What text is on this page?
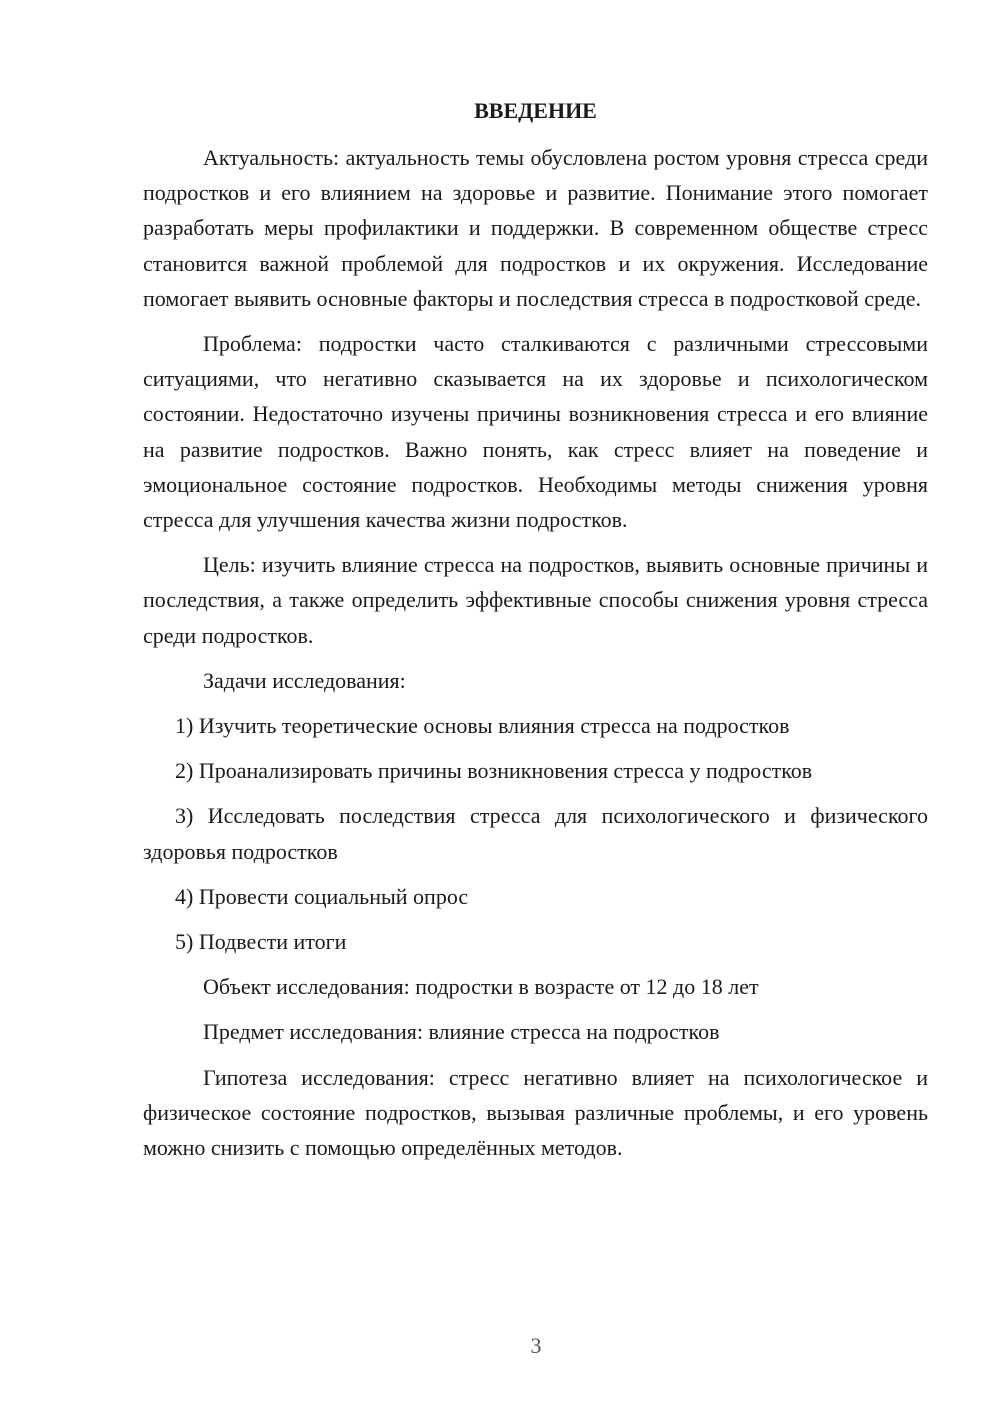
ВВЕДЕНИЕ

Актуальность: актуальность темы обусловлена ростом уровня стресса среди подростков и его влиянием на здоровье и развитие. Понимание этого помогает разработать меры профилактики и поддержки. В современном обществе стресс становится важной проблемой для подростков и их окружения. Исследование помогает выявить основные факторы и последствия стресса в подростковой среде.

Проблема: подростки часто сталкиваются с различными стрессовыми ситуациями, что негативно сказывается на их здоровье и психологическом состоянии. Недостаточно изучены причины возникновения стресса и его влияние на развитие подростков. Важно понять, как стресс влияет на поведение и эмоциональное состояние подростков. Необходимы методы снижения уровня стресса для улучшения качества жизни подростков.

Цель: изучить влияние стресса на подростков, выявить основные причины и последствия, а также определить эффективные способы снижения уровня стресса среди подростков.

Задачи исследования:

1) Изучить теоретические основы влияния стресса на подростков

2) Проанализировать причины возникновения стресса у подростков

3) Исследовать последствия стресса для психологического и физического здоровья подростков

4) Провести социальный опрос

5) Подвести итоги

Объект исследования: подростки в возрасте от 12 до 18 лет

Предмет исследования: влияние стресса на подростков

Гипотеза исследования: стресс негативно влияет на психологическое и физическое состояние подростков, вызывая различные проблемы, и его уровень можно снизить с помощью определённых методов.

3
